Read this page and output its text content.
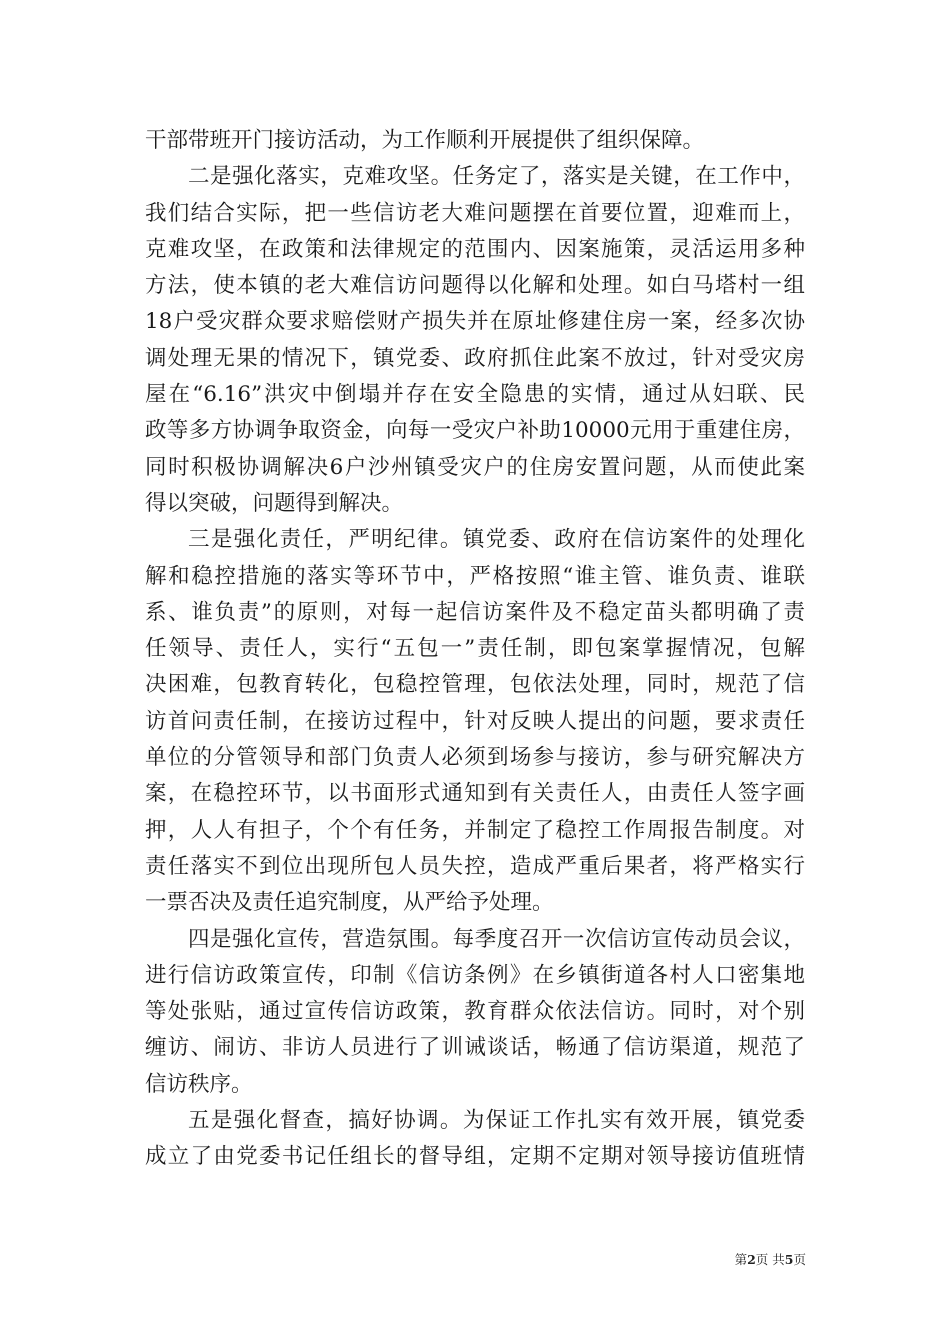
干部带班开门接访活动，为工作顺利开展提供了组织保障。
二是强化落实，克难攻坚。任务定了，落实是关键，在工作中，
我们结合实际，把一些信访老大难问题摆在首要位置，迎难而上，
克难攻坚，在政策和法律规定的范围内、因案施策，灵活运用多种
方法，使本镇的老大难信访问题得以化解和处理。如白马塔村一组
18户受灾群众要求赔偿财产损失并在原址修建住房一案，经多次协
调处理无果的情况下，镇党委、政府抓住此案不放过，针对受灾房
屋在“6.16”洪灾中倒塌并存在安全隐患的实情，通过从妇联、民
政等多方协调争取资金，向每一受灾户补助10000元用于重建住房，
同时积极协调解决6户沙州镇受灾户的住房安置问题，从而使此案
得以突破，问题得到解决。
三是强化责任，严明纪律。镇党委、政府在信访案件的处理化
解和稳控措施的落实等环节中，严格按照“谁主管、谁负责、谁联
系、谁负责”的原则，对每一起信访案件及不稳定苗头都明确了责
任领导、责任人，实行“五包一”责任制，即包案掌握情况，包解
决困难，包教育转化，包稳控管理，包依法处理，同时，规范了信
访首问责任制，在接访过程中，针对反映人提出的问题，要求责任
单位的分管领导和部门负责人必须到场参与接访，参与研究解决方
案，在稳控环节，以书面形式通知到有关责任人，由责任人签字画
押，人人有担子，个个有任务，并制定了稳控工作周报告制度。对
责任落实不到位出现所包人员失控，造成严重后果者，将严格实行
一票否决及责任追究制度，从严给予处理。
四是强化宣传，营造氛围。每季度召开一次信访宣传动员会议，
进行信访政策宣传，印制《信访条例》在乡镇街道各村人口密集地
等处张贴，通过宣传信访政策，教育群众依法信访。同时，对个别
缠访、闹访、非访人员进行了训诫谈话，畅通了信访渠道，规范了
信访秩序。
五是强化督查，搞好协调。为保证工作扎实有效开展，镇党委
成立了由党委书记任组长的督导组，定期不定期对领导接访值班情
第2页 共5页
